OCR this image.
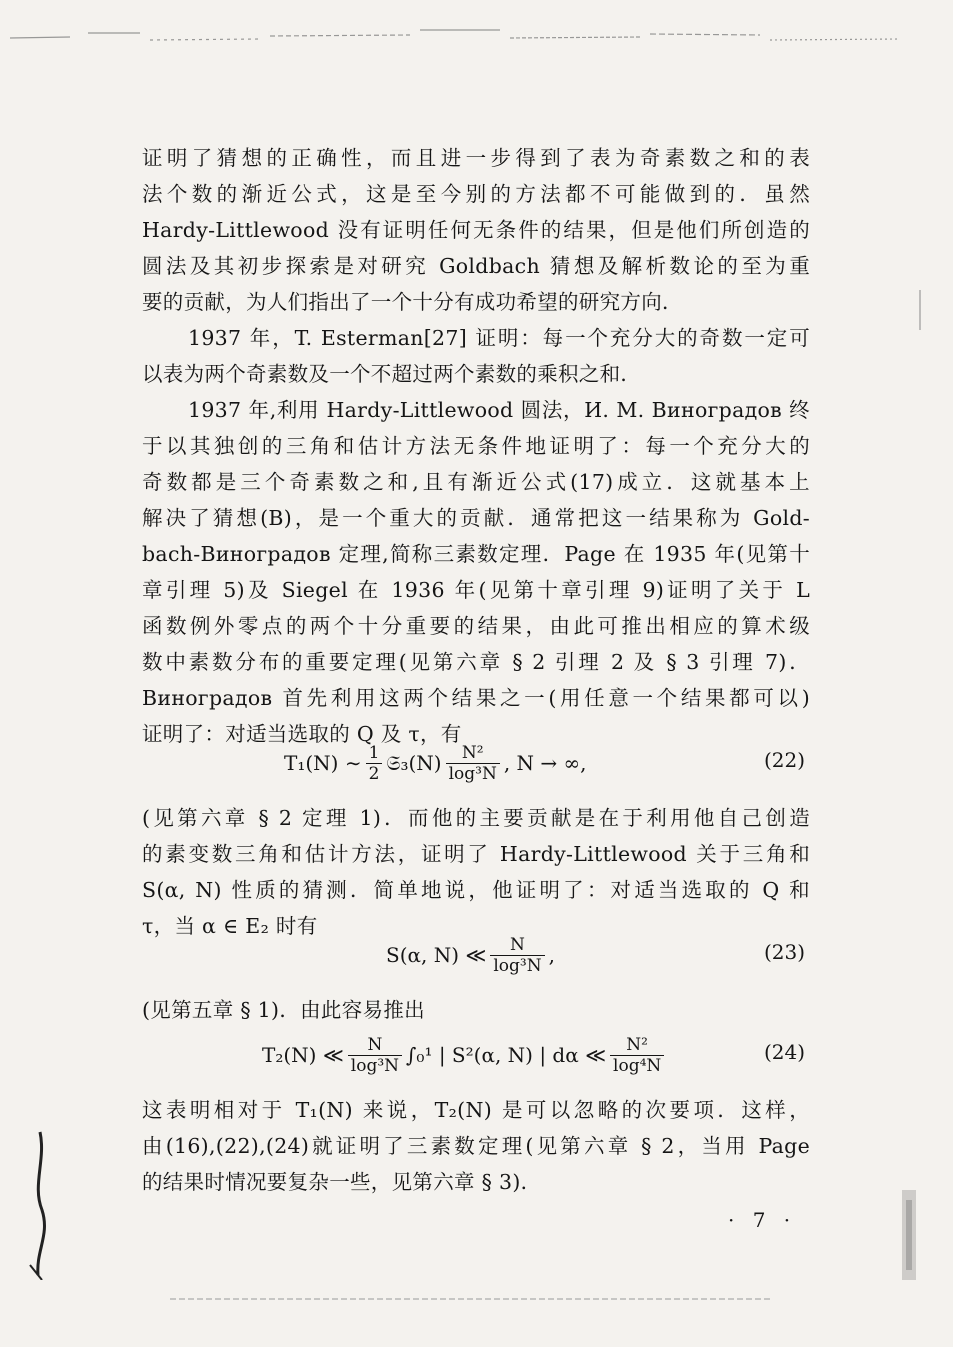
证明了猜想的正确性，而且进一步得到了表为奇素数之和的表
法个数的渐近公式，这是至今别的方法都不可能做到的．虽然
Hardy-Littlewood 没有证明任何无条件的结果，但是他们所创造的
圆法及其初步探索是对研究 Goldbach 猜想及解析数论的至为重
要的贡献，为人们指出了一个十分有成功希望的研究方向．
1937 年，T. Esterman[27] 证明：每一个充分大的奇数一定可
以表为两个奇素数及一个不超过两个素数的乘积之和．
1937 年,利用 Hardy-Littlewood 圆法，И. М. Виноградов 终
于以其独创的三角和估计方法无条件地证明了：每一个充分大的
奇数都是三个奇素数之和,且有渐近公式(17)成立．这就基本上
解决了猜想(B)，是一个重大的贡献．通常把这一结果称为 Gold-
bach-Виноградов 定理,简称三素数定理．Page 在 1935 年(见第十
章引理 5)及 Siegel 在 1936 年(见第十章引理 9)证明了关于 L
函数例外零点的两个十分重要的结果，由此可推出相应的算术级
数中素数分布的重要定理(见第六章 § 2 引理 2 及 § 3 引理 7)．
Виноградов 首先利用这两个结果之一(用任意一个结果都可以)
证明了：对适当选取的 Q 及 τ，有
T₁(N) ∼ $\frac{1}{2}$ 𝔖₃(N) $\frac{\text{N²}}{\text{log³N}}$ , N → ∞,	(22)
(见第六章 § 2 定理 1)．而他的主要贡献是在于利用他自己创造
的素变数三角和估计方法，证明了 Hardy-Littlewood 关于三角和
S(α, N) 性质的猜测．简单地说，他证明了：对适当选取的 Q 和
τ，当 α ∈ E₂ 时有
S(α, N) ≪ $\frac{N}{\text{log³N}}$ ,	(23)
(见第五章 § 1)．由此容易推出
T₂(N) ≪ $\frac{N}{\text{log³N}} \int_0^1$ | S²(α, N) | dα ≪ $\frac{\text{N²}}{\text{log⁴N}}$	(24)
这表明相对于 T₁(N) 来说，T₂(N) 是可以忽略的次要项．这样，
由(16),(22),(24)就证明了三素数定理(见第六章 § 2，当用 Page
的结果时情况要复杂一些，见第六章 § 3)．
· 7 ·
